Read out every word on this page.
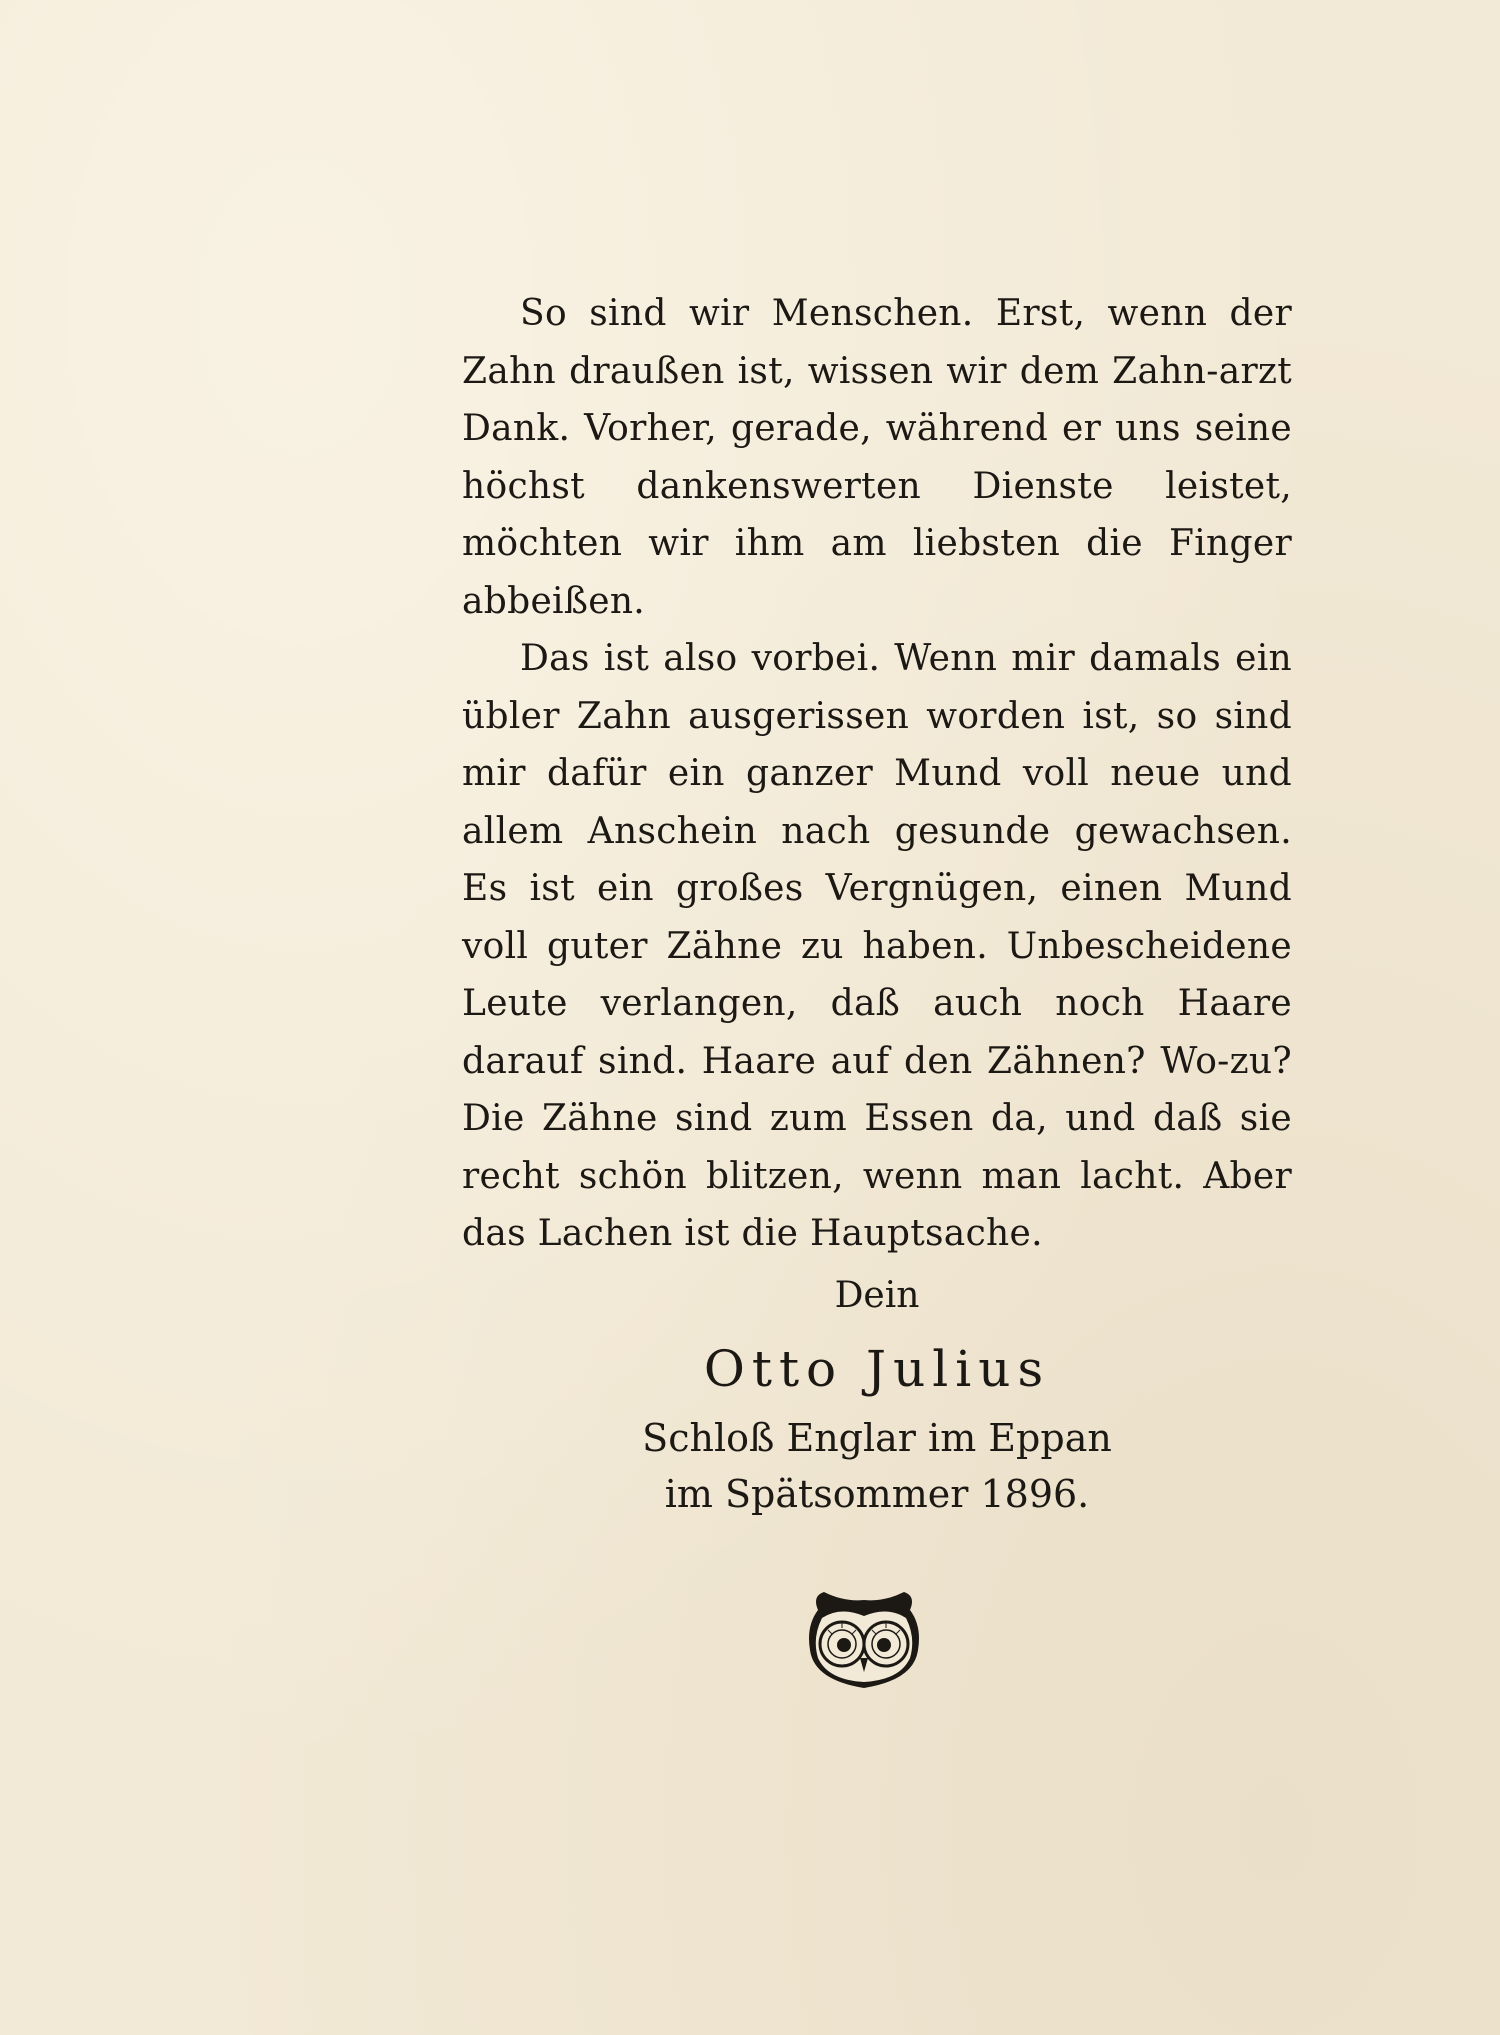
So sind wir Menschen. Erst, wenn der Zahn draußen ist, wissen wir dem Zahn-arzt Dank. Vorher, gerade, während er uns seine höchst dankenswerten Dienste leistet, möchten wir ihm am liebsten die Finger abbeißen.

Das ist also vorbei. Wenn mir damals ein übler Zahn ausgerissen worden ist, so sind mir dafür ein ganzer Mund voll neue und allem Anschein nach gesunde gewachsen. Es ist ein großes Vergnügen, einen Mund voll guter Zähne zu haben. Unbescheidene Leute verlangen, daß auch noch Haare darauf sind. Haare auf den Zähnen? Wo-zu? Die Zähne sind zum Essen da, und daß sie recht schön blitzen, wenn man lacht. Aber das Lachen ist die Hauptsache.

Dein
Otto Julius
Schloß Englar im Eppan
im Spätsommer 1896.
